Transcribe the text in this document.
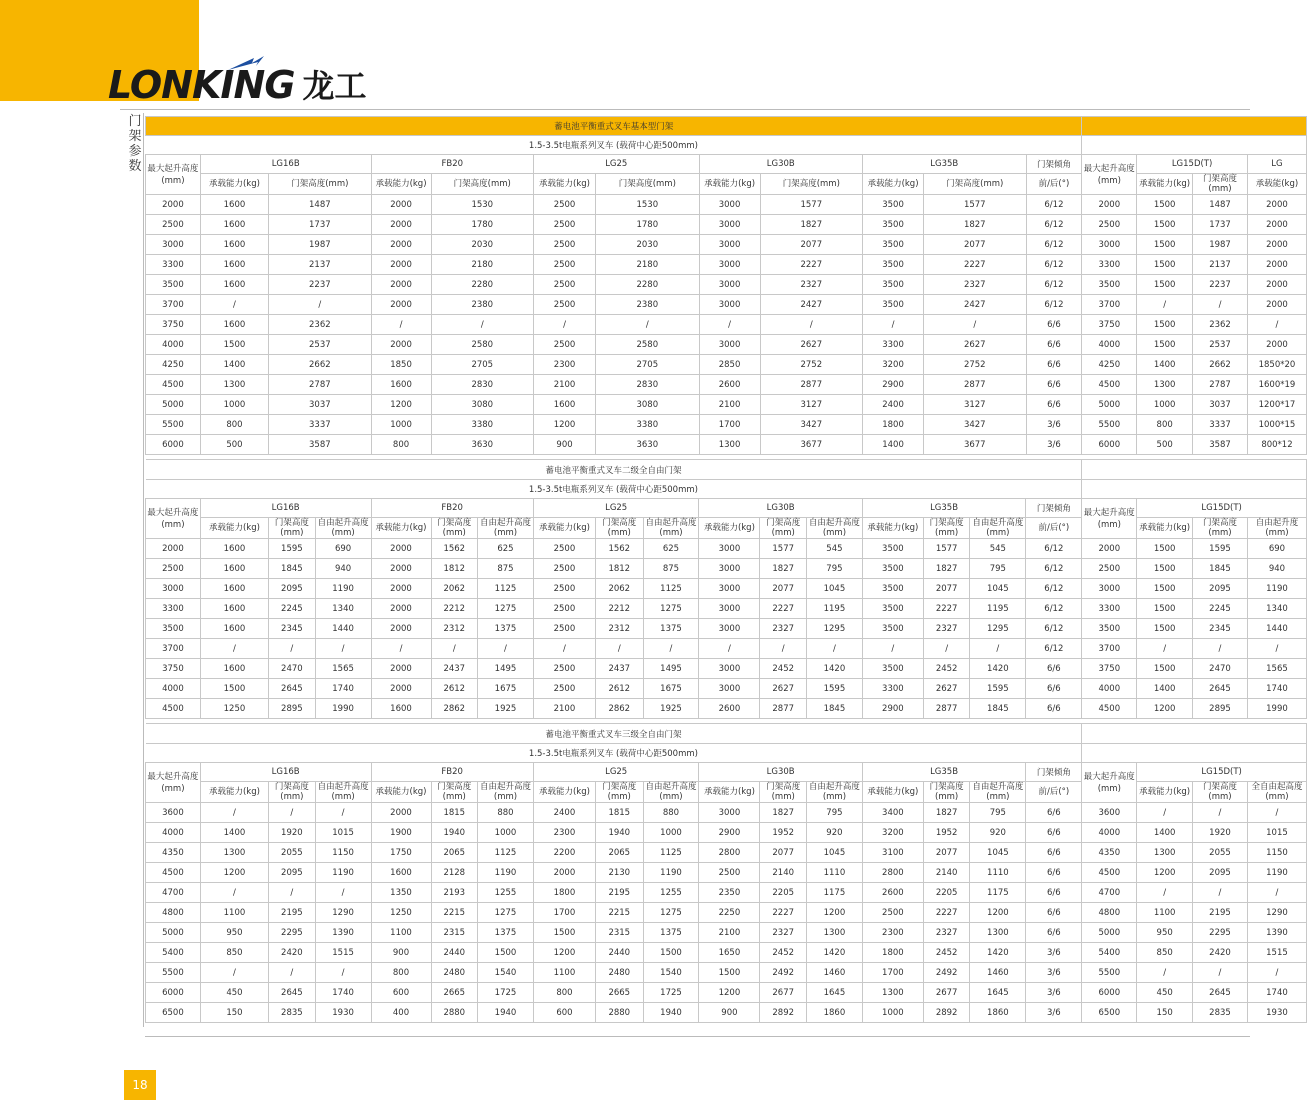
LONKING 龙工
门架参数
18
蓄电池平衡重式叉车基本型门架															
1.5-3.5t电瓶系列叉车 (载荷中心距500mm)															
最大起升高度(mm)	LG16B		FB20		LG25		LG30B		LG35B		门架倾角	最大起升高度(mm)	LG15D(T)		LG
	承载能力(kg)	门架高度(mm)	承载能力(kg)	门架高度(mm)	承载能力(kg)	门架高度(mm)	承载能力(kg)	门架高度(mm)	承载能力(kg)	门架高度(mm)	前/后(°)		承载能力(kg)	门架高度(mm)	承载能(kg)
2000	1600	1487	2000	1530	2500	1530	3000	1577	3500	1577	6/12	2000	1500	1487	2000
2500	1600	1737	2000	1780	2500	1780	3000	1827	3500	1827	6/12	2500	1500	1737	2000
3000	1600	1987	2000	2030	2500	2030	3000	2077	3500	2077	6/12	3000	1500	1987	2000
3300	1600	2137	2000	2180	2500	2180	3000	2227	3500	2227	6/12	3300	1500	2137	2000
3500	1600	2237	2000	2280	2500	2280	3000	2327	3500	2327	6/12	3500	1500	2237	2000
3700	/	/	2000	2380	2500	2380	3000	2427	3500	2427	6/12	3700	/	/	2000
3750	1600	2362	/	/	/	/	/	/	/	/	6/6	3750	1500	2362	/
4000	1500	2537	2000	2580	2500	2580	3000	2627	3300	2627	6/6	4000	1500	2537	2000
4250	1400	2662	1850	2705	2300	2705	2850	2752	3200	2752	6/6	4250	1400	2662	1850*20
4500	1300	2787	1600	2830	2100	2830	2600	2877	2900	2877	6/6	4500	1300	2787	1600*19
5000	1000	3037	1200	3080	1600	3080	2100	3127	2400	3127	6/6	5000	1000	3037	1200*17
5500	800	3337	1000	3380	1200	3380	1700	3427	1800	3427	3/6	5500	800	3337	1000*15
6000	500	3587	800	3630	900	3630	1300	3677	1400	3677	3/6	6000	500	3587	800*12
蓄电池平衡重式叉车二级全自由门架																				
1.5-3.5t电瓶系列叉车 (载荷中心距500mm)																				
最大起升高度(mm)	LG16B			FB20			LG25			LG30B			LG35B			门架倾角	最大起升高度(mm)	LG15D(T)		
	承载能力(kg)	门架高度(mm)	自由起升高度(mm)	承载能力(kg)	门架高度(mm)	自由起升高度(mm)	承载能力(kg)	门架高度(mm)	自由起升高度(mm)	承载能力(kg)	门架高度(mm)	自由起升高度(mm)	承载能力(kg)	门架高度(mm)	自由起升高度(mm)	前/后(°)		承载能力(kg)	门架高度(mm)	自由起升度(mm)
2000	1600	1595	690	2000	1562	625	2500	1562	625	3000	1577	545	3500	1577	545	6/12	2000	1500	1595	690
2500	1600	1845	940	2000	1812	875	2500	1812	875	3000	1827	795	3500	1827	795	6/12	2500	1500	1845	940
3000	1600	2095	1190	2000	2062	1125	2500	2062	1125	3000	2077	1045	3500	2077	1045	6/12	3000	1500	2095	1190
3300	1600	2245	1340	2000	2212	1275	2500	2212	1275	3000	2227	1195	3500	2227	1195	6/12	3300	1500	2245	1340
3500	1600	2345	1440	2000	2312	1375	2500	2312	1375	3000	2327	1295	3500	2327	1295	6/12	3500	1500	2345	1440
3700	/	/	/	/	/	/	/	/	/	/	/	/	/	/	/	6/12	3700	/	/	/
3750	1600	2470	1565	2000	2437	1495	2500	2437	1495	3000	2452	1420	3500	2452	1420	6/6	3750	1500	2470	1565
4000	1500	2645	1740	2000	2612	1675	2500	2612	1675	3000	2627	1595	3300	2627	1595	6/6	4000	1400	2645	1740
4500	1250	2895	1990	1600	2862	1925	2100	2862	1925	2600	2877	1845	2900	2877	1845	6/6	4500	1200	2895	1990
蓄电池平衡重式叉车三级全自由门架																				
1.5-3.5t电瓶系列叉车 (载荷中心距500mm)																				
最大起升高度(mm)	LG16B			FB20			LG25			LG30B			LG35B			门架倾角	最大起升高度(mm)	LG15D(T)		
	承载能力(kg)	门架高度(mm)	自由起升高度(mm)	承载能力(kg)	门架高度(mm)	自由起升高度(mm)	承载能力(kg)	门架高度(mm)	自由起升高度(mm)	承载能力(kg)	门架高度(mm)	自由起升高度(mm)	承载能力(kg)	门架高度(mm)	自由起升高度(mm)	前/后(°)		承载能力(kg)	门架高度(mm)	全自由起高度(mm)
3600	/	/	/	2000	1815	880	2400	1815	880	3000	1827	795	3400	1827	795	6/6	3600	/	/	/
4000	1400	1920	1015	1900	1940	1000	2300	1940	1000	2900	1952	920	3200	1952	920	6/6	4000	1400	1920	1015
4350	1300	2055	1150	1750	2065	1125	2200	2065	1125	2800	2077	1045	3100	2077	1045	6/6	4350	1300	2055	1150
4500	1200	2095	1190	1600	2128	1190	2000	2130	1190	2500	2140	1110	2800	2140	1110	6/6	4500	1200	2095	1190
4700	/	/	/	1350	2193	1255	1800	2195	1255	2350	2205	1175	2600	2205	1175	6/6	4700	/	/	/
4800	1100	2195	1290	1250	2215	1275	1700	2215	1275	2250	2227	1200	2500	2227	1200	6/6	4800	1100	2195	1290
5000	950	2295	1390	1100	2315	1375	1500	2315	1375	2100	2327	1300	2300	2327	1300	6/6	5000	950	2295	1390
5400	850	2420	1515	900	2440	1500	1200	2440	1500	1650	2452	1420	1800	2452	1420	3/6	5400	850	2420	1515
5500	/	/	/	800	2480	1540	1100	2480	1540	1500	2492	1460	1700	2492	1460	3/6	5500	/	/	/
6000	450	2645	1740	600	2665	1725	800	2665	1725	1200	2677	1645	1300	2677	1645	3/6	6000	450	2645	1740
6500	150	2835	1930	400	2880	1940	600	2880	1940	900	2892	1860	1000	2892	1860	3/6	6500	150	2835	1930
